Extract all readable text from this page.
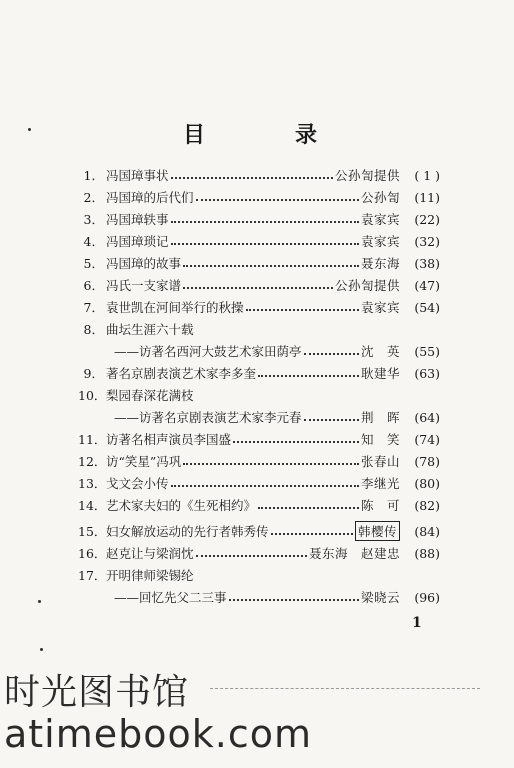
目　录
1． 冯国璋事状	公孙訇提供	( 1 )
2． 冯国璋的后代们	公孙訇	(11)
3． 冯国璋轶事	袁家宾	(22)
4． 冯国璋琐记	袁家宾	(32)
5． 冯国璋的故事	聂东海	(38)
6． 冯氏一支家谱	公孙訇提供	(47)
7． 袁世凯在河间举行的秋操	袁家宾	(54)
8． 曲坛生涯六十载
——访著名西河大鼓艺术家田荫亭	沈　英	(55)
9． 著名京剧表演艺术家李多奎	耿建华	(63)
10． 梨园春深花满枝
——访著名京剧表演艺术家李元春	荆　晖	(64)
11． 访著名相声演员李国盛	知　笑	(74)
12． 访“笑星”冯巩	张春山	(78)
13． 戈文会小传	李继光	(80)
14． 艺术家夫妇的《生死相约》	陈　可	(82)
15． 妇女解放运动的先行者韩秀传	韩樱传	(84)
16． 赵克让与梁润忱	聂东海　赵建忠	(88)
17． 开明律师梁锡纶
——回忆先父二三事	梁晓云	(96)
1
时光图书馆
atimebook.com
